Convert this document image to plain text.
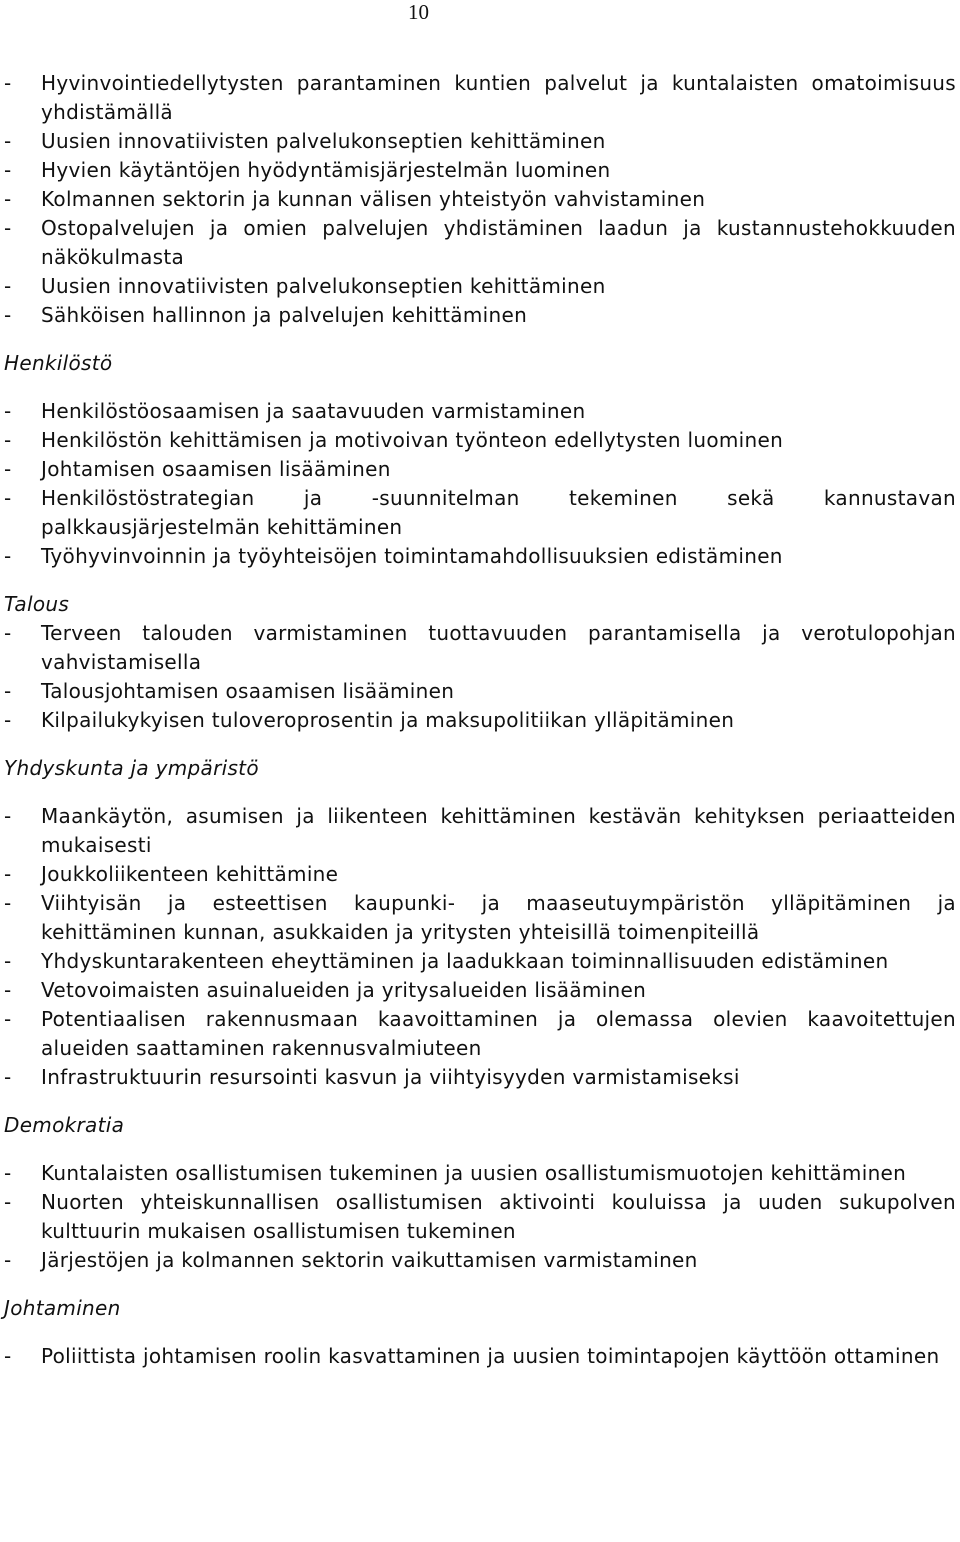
10
- Hyvinvointiedellytysten parantaminen kuntien palvelut ja kuntalaisten omatoimisuus yhdistämällä
- Uusien innovatiivisten palvelukonseptien kehittäminen
- Hyvien käytäntöjen hyödyntämisjärjestelmän luominen
- Kolmannen sektorin ja kunnan välisen yhteistyön vahvistaminen
- Ostopalvelujen ja omien palvelujen yhdistäminen laadun ja kustannustehokkuuden näkökulmasta
- Uusien innovatiivisten palvelukonseptien kehittäminen
- Sähköisen hallinnon ja palvelujen kehittäminen
Henkilöstö
- Henkilöstöosaamisen ja saatavuuden varmistaminen
- Henkilöstön kehittämisen ja motivoivan työnteon edellytysten luominen
- Johtamisen osaamisen lisääminen
- Henkilöstöstrategian ja -suunnitelman tekeminen sekä kannustavan palkkausjärjestelmän kehittäminen
- Työhyvinvoinnin ja työyhteisöjen toimintamahdollisuuksien edistäminen
Talous
- Terveen talouden varmistaminen tuottavuuden parantamisella ja verotulopohjan vahvistamisella
- Talousjohtamisen osaamisen lisääminen
- Kilpailukykyisen tuloveroprosentin ja maksupolitiikan ylläpitäminen
Yhdyskunta ja ympäristö
- Maankäytön, asumisen ja liikenteen kehittäminen kestävän kehityksen periaatteiden mukaisesti
- Joukkoliikenteen kehittämine
- Viihtyisän ja esteettisen kaupunki- ja maaseutuympäristön ylläpitäminen ja kehittäminen kunnan, asukkaiden ja yritysten yhteisillä toimenpiteillä
- Yhdyskuntarakenteen eheyttäminen ja laadukkaan toiminnallisuuden edistäminen
- Vetovoimaisten asuinalueiden ja yritysalueiden lisääminen
- Potentiaalisen rakennusmaan kaavoittaminen ja olemassa olevien kaavoitettujen alueiden saattaminen rakennusvalmiuteen
- Infrastruktuurin resursointi kasvun ja viihtyisyyden varmistamiseksi
Demokratia
- Kuntalaisten osallistumisen tukeminen ja uusien osallistumismuotojen kehittäminen
- Nuorten yhteiskunnallisen osallistumisen aktivointi kouluissa ja uuden sukupolven kulttuurin mukaisen osallistumisen tukeminen
- Järjestöjen ja kolmannen sektorin vaikuttamisen varmistaminen
Johtaminen
- Poliittista johtamisen roolin kasvattaminen ja uusien toimintapojen käyttöön ottaminen
